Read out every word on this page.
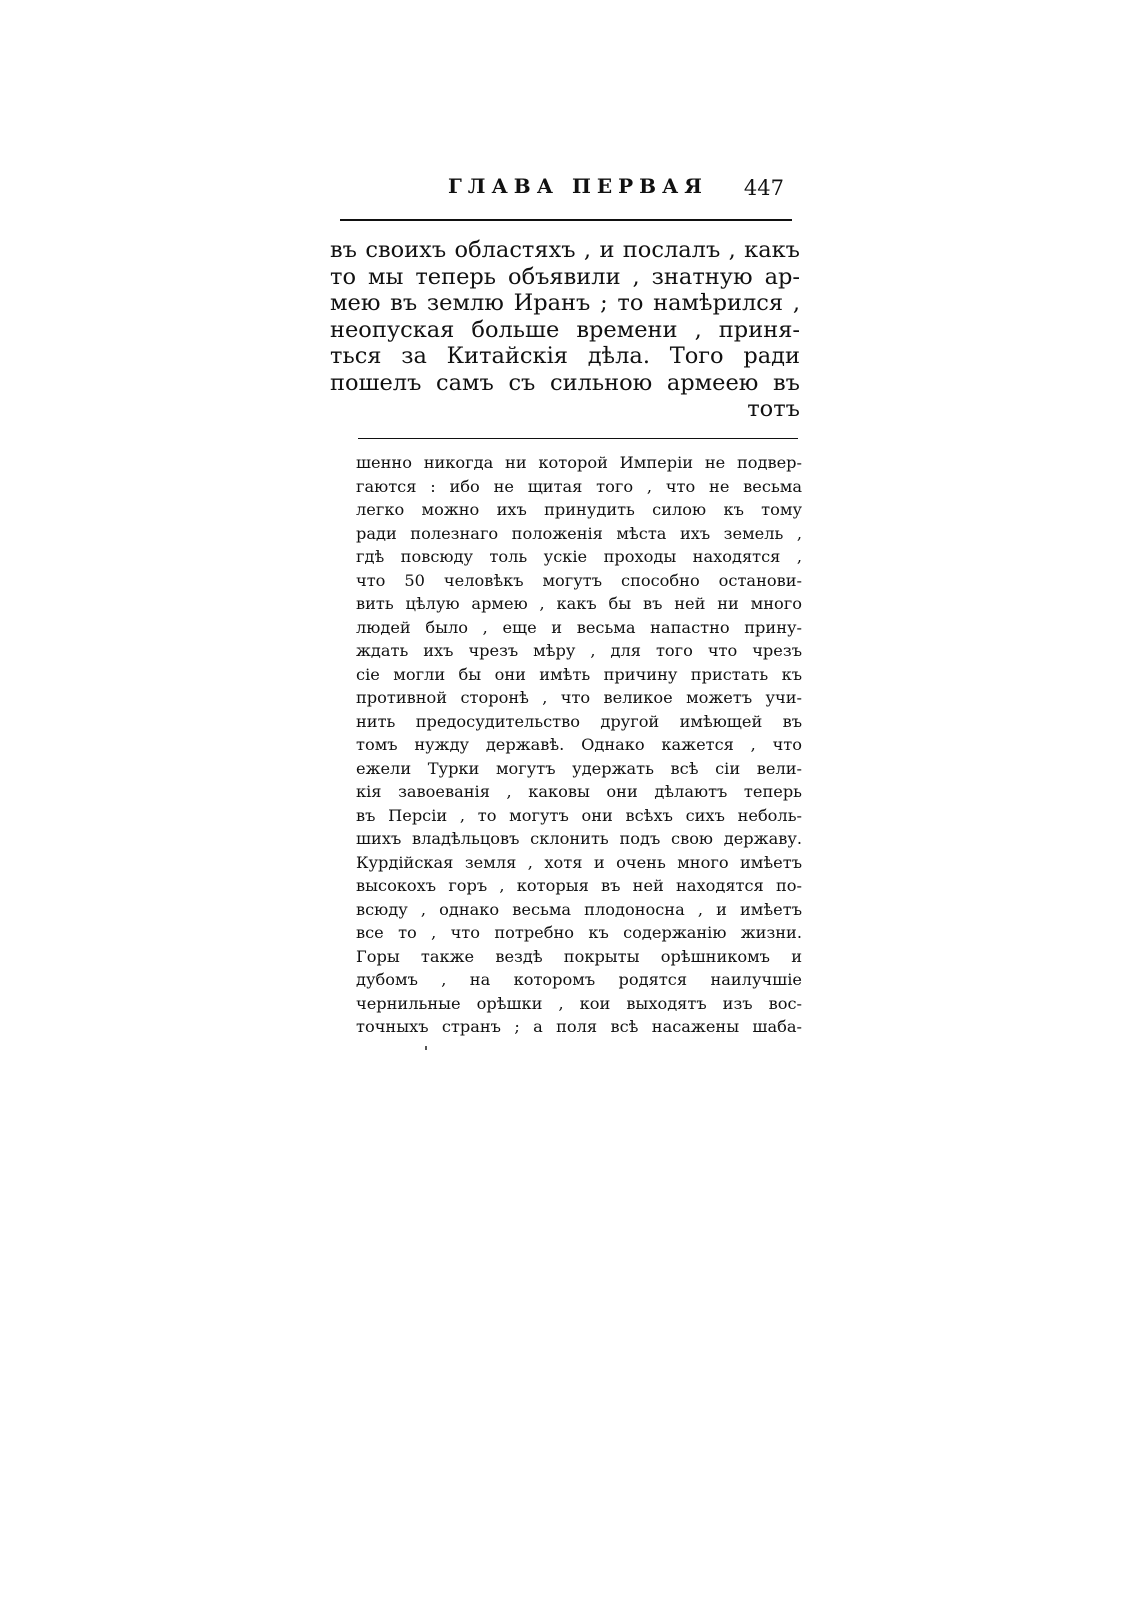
ГЛАВА ПЕРВАЯ 447
въ своихъ областяхъ , и послалъ , какъ
то мы теперь объявили , знатную ар-
мею въ землю Иранъ ; то намѣрился ,
неопуская больше времени , приня-
ться за Китайскія дѣла. Того ради
пошелъ самъ съ сильною армеею въ
тотъ
шенно никогда ни которой Имперіи не подвер-
гаются : ибо не щитая того , что не весьма
легко можно ихъ принудить силою къ тому
ради полезнаго положенія мѣста ихъ земель ,
гдѣ повсюду толь ускіе проходы находятся ,
что 50 человѣкъ могутъ способно останови-
вить цѣлую армею , какъ бы въ ней ни много
людей было , еще и весьма напастно прину-
ждать ихъ чрезъ мѣру , для того что чрезъ
сіе могли бы они имѣть причину пристать къ
противной сторонѣ , что великое можетъ учи-
нить предосудительство другой имѣющей въ
томъ нужду державѣ. Однако кажется , что
ежели Турки могутъ удержать всѣ сіи вели-
кія завоеванія , каковы они дѣлаютъ теперь
въ Персіи , то могутъ они всѣхъ сихъ неболь-
шихъ владѣльцовъ склонить подъ свою державу.
Курдійская земля , хотя и очень много имѣетъ
высокохъ горъ , которыя въ ней находятся по-
всюду , однако весьма плодоносна , и имѣетъ
все то , что потребно къ содержанію жизни.
Горы также вездѣ покрыты орѣшникомъ и
дубомъ , на которомъ родятся наилучшіе
чернильные орѣшки , кои выходятъ изъ вос-
точныхъ странъ ; а поля всѣ насажены шаба-
